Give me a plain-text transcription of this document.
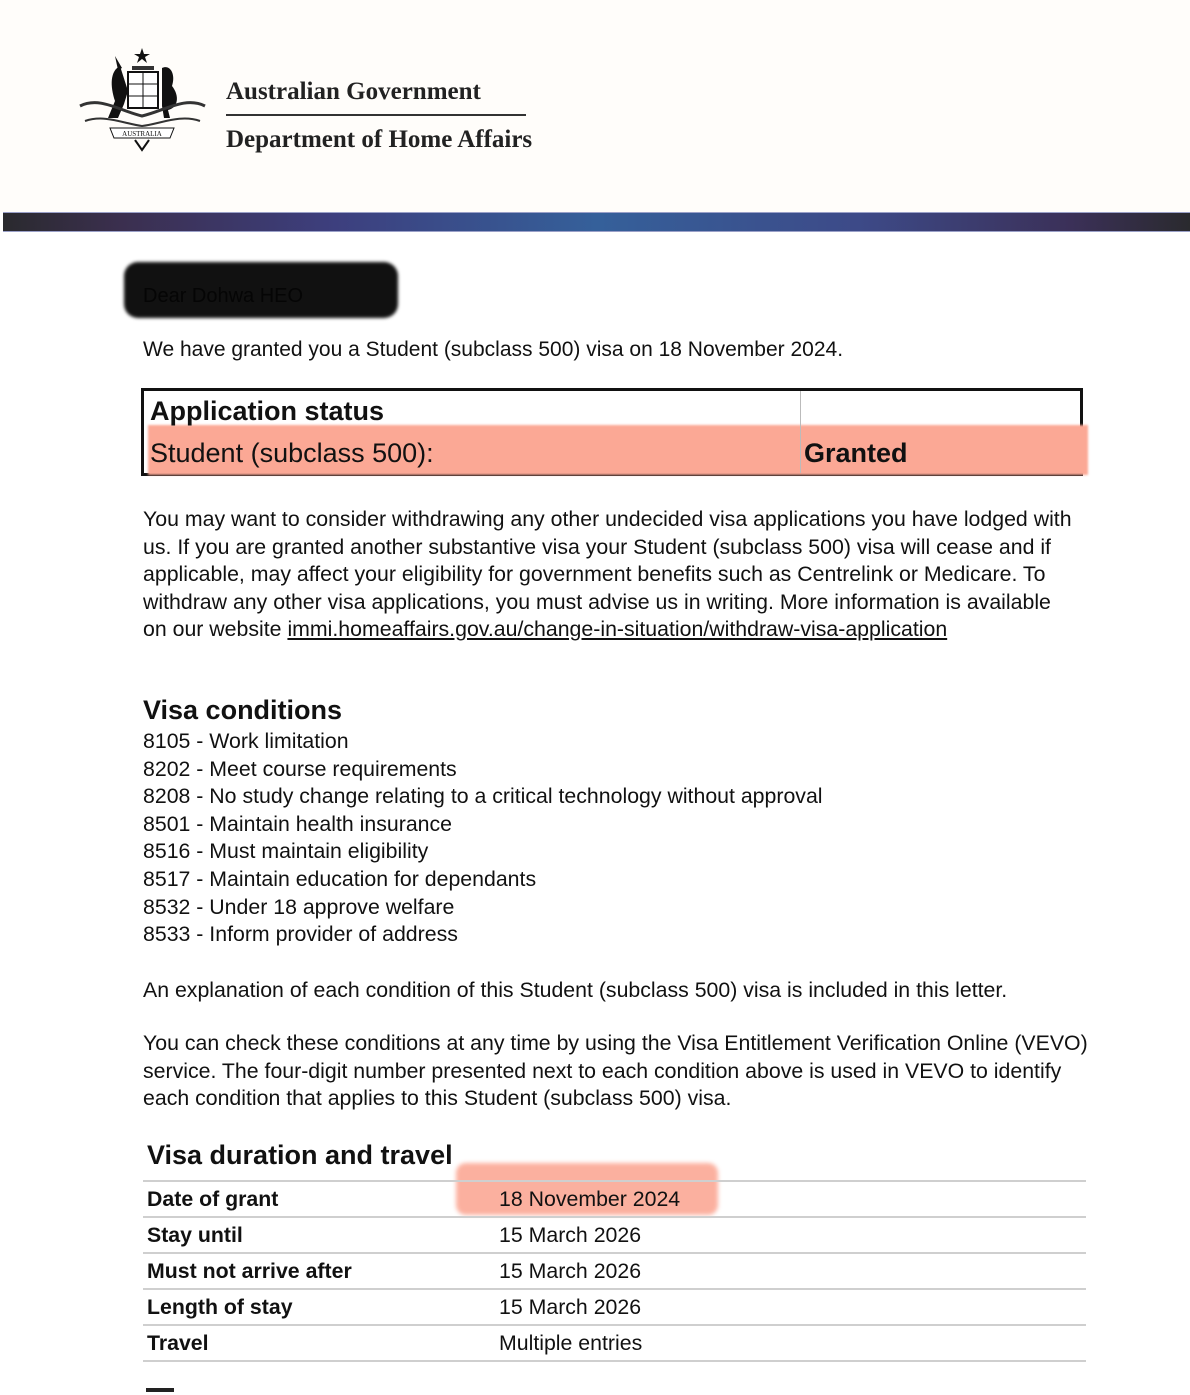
AUSTRALIA
Australian Government
Department of Home Affairs
Dear Dohwa HEO
We have granted you a Student (subclass 500) visa on 18 November 2024.
Application status
Student (subclass 500):	Granted
You may want to consider withdrawing any other undecided visa applications you have lodged with us. If you are granted another substantive visa your Student (subclass 500) visa will cease and if applicable, may affect your eligibility for government benefits such as Centrelink or Medicare. To withdraw any other visa applications, you must advise us in writing. More information is available on our website immi.homeaffairs.gov.au/change-in-situation/withdraw-visa-application
Visa conditions
8105 - Work limitation
8202 - Meet course requirements
8208 - No study change relating to a critical technology without approval
8501 - Maintain health insurance
8516 - Must maintain eligibility
8517 - Maintain education for dependants
8532 - Under 18 approve welfare
8533 - Inform provider of address
An explanation of each condition of this Student (subclass 500) visa is included in this letter.
You can check these conditions at any time by using the Visa Entitlement Verification Online (VEVO) service. The four-digit number presented next to each condition above is used in VEVO to identify each condition that applies to this Student (subclass 500) visa.
Visa duration and travel
Date of grant	18 November 2024
Stay until	15 March 2026
Must not arrive after	15 March 2026
Length of stay	15 March 2026
Travel	Multiple entries
